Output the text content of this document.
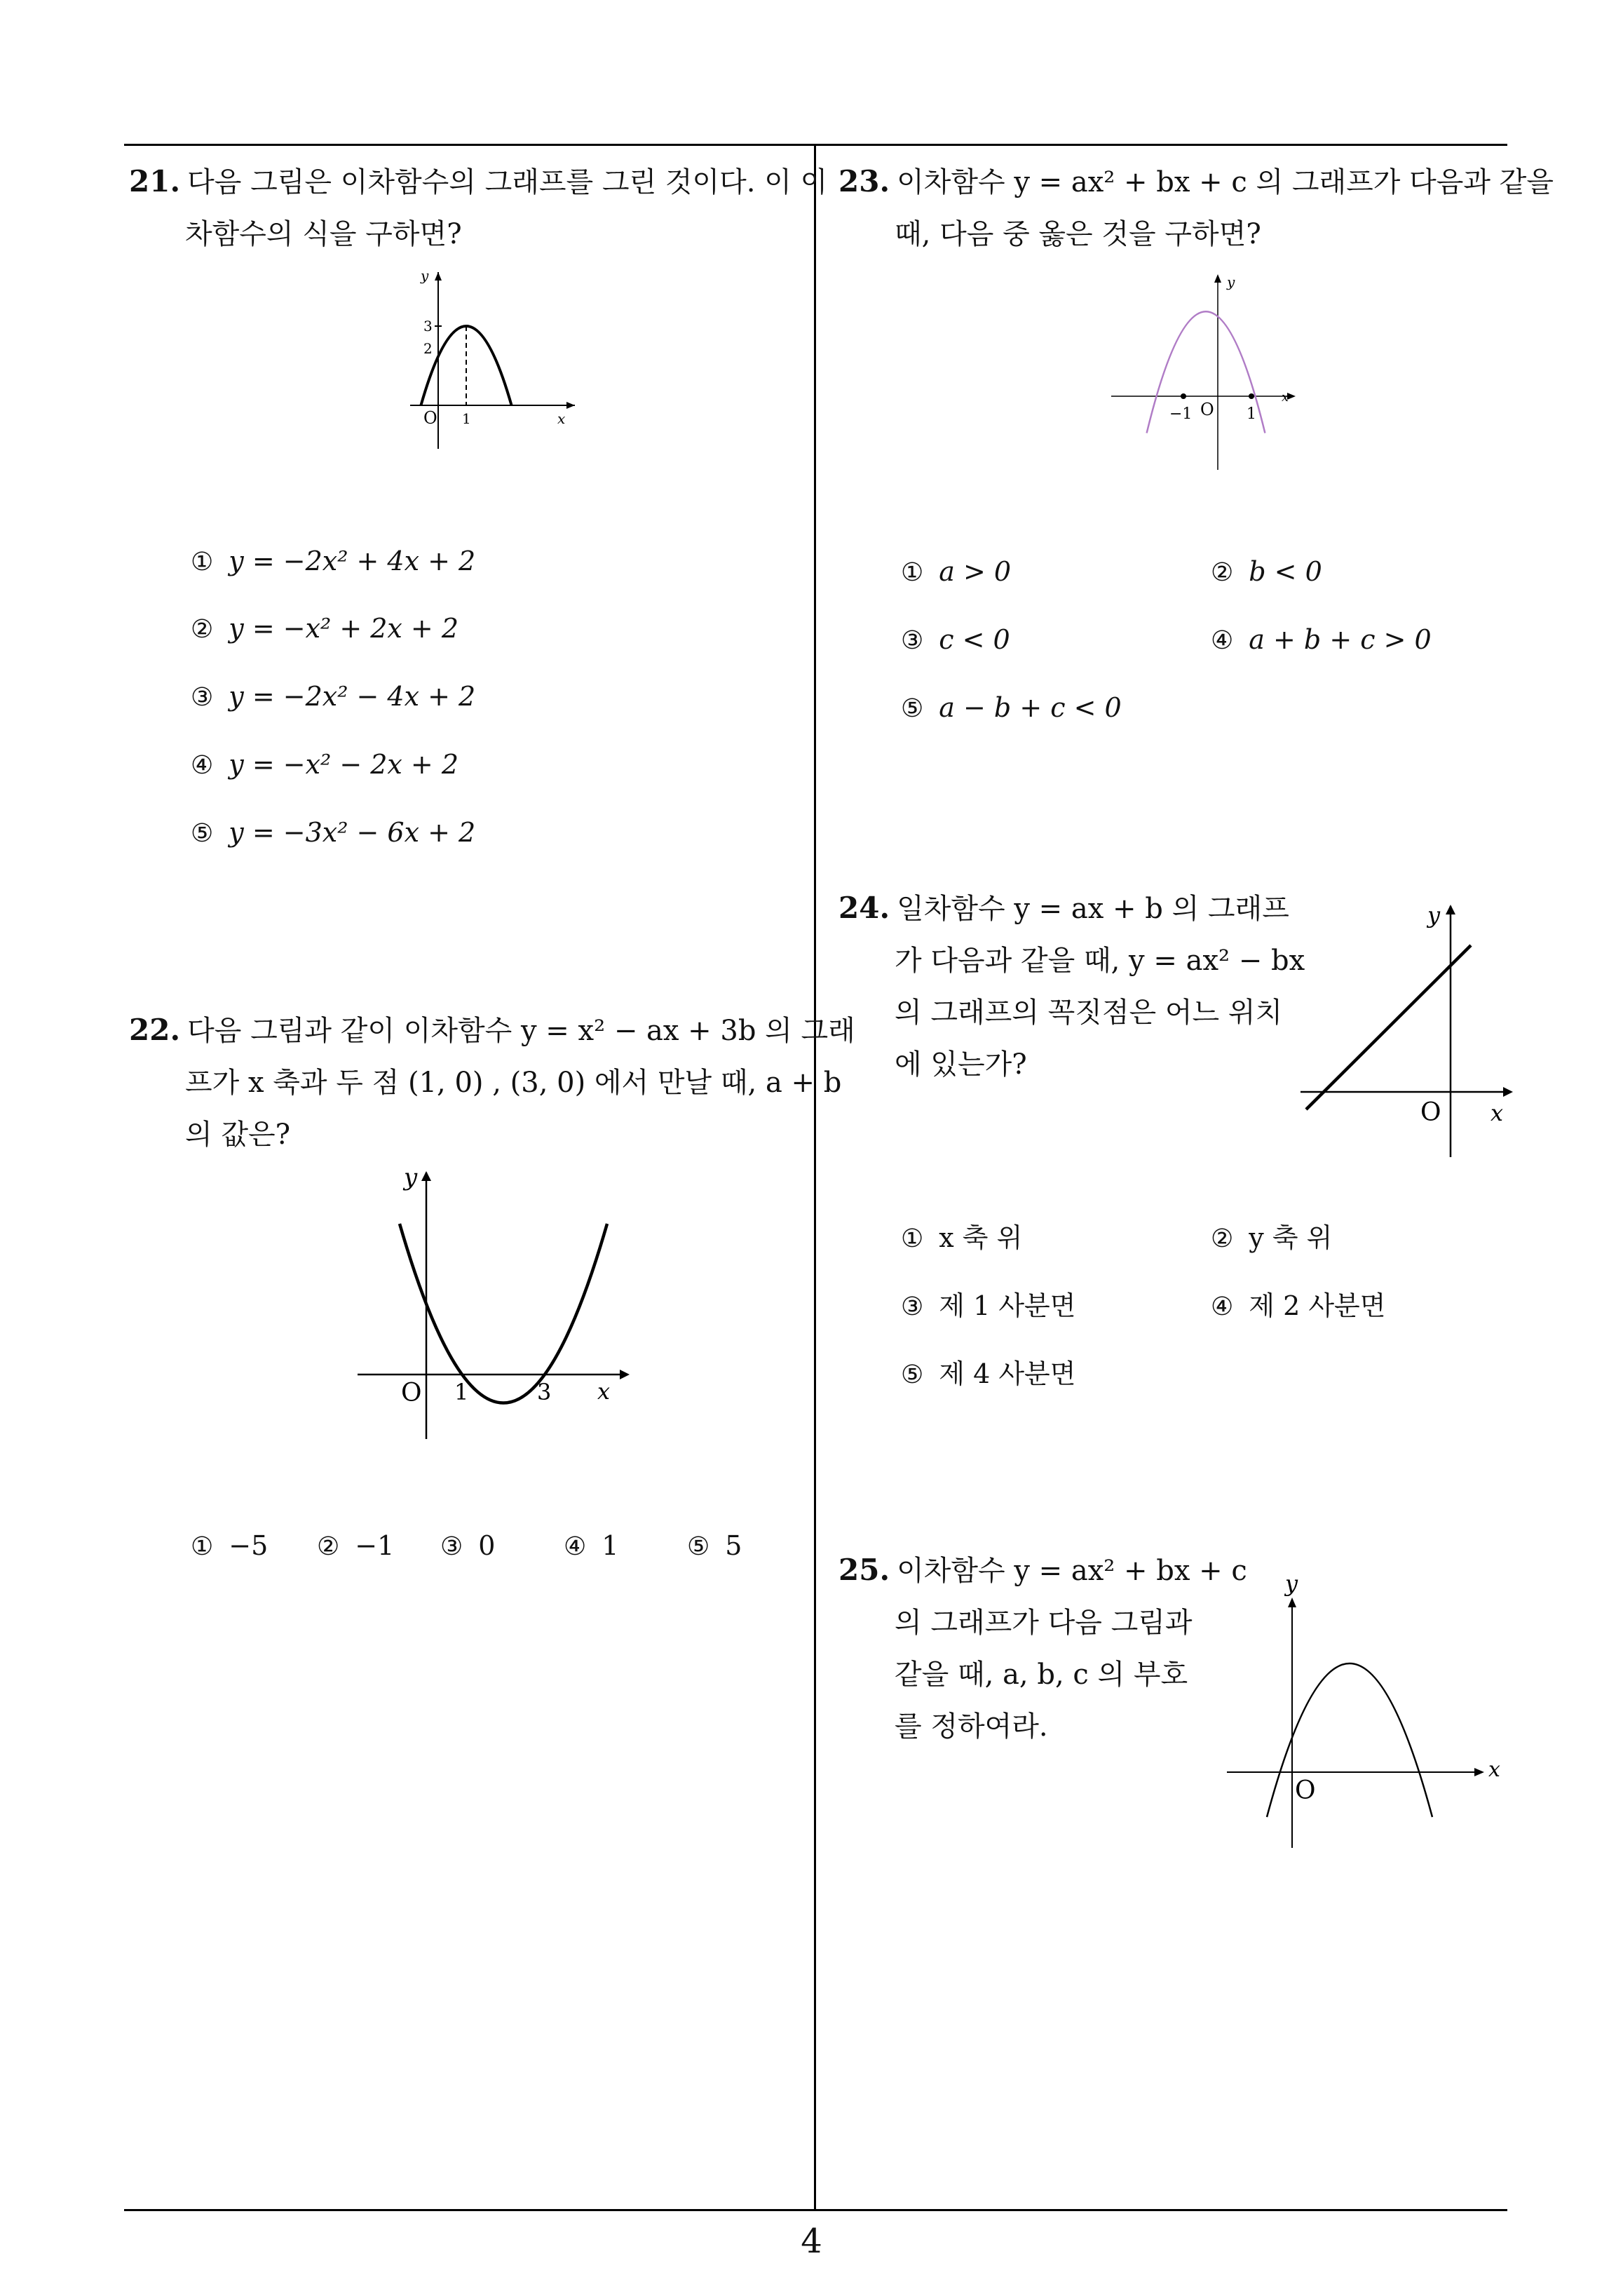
21. 다음 그림은 이차함수의 그래프를 그린 것이다. 이 이
차함수의 식을 구하면?
y
x
O 1
3
2
① y = −2x² + 4x + 2
② y = −x² + 2x + 2
③ y = −2x² − 4x + 2
④ y = −x² − 2x + 2
⑤ y = −3x² − 6x + 2
22. 다음 그림과 같이 이차함수 y = x² − ax + 3b 의 그래
프가 x 축과 두 점 (1, 0) , (3, 0) 에서 만날 때, a + b
의 값은?
y
x
O 1	3
① −5 ② −1 ③ 0	④ 1	⑤ 5
23. 이차함수 y = ax² + bx + c 의 그래프가 다음과 같을
때, 다음 중 옳은 것을 구하면?
y
x
O
−1	1
① a > 0	② b < 0
③ c < 0	④ a + b + c > 0
⑤ a − b + c < 0
24. 일차함수 y = ax + b 의 그래프
가 다음과 같을 때, y = ax² − bx
의 그래프의 꼭짓점은 어느 위치
에 있는가?
y
x
O
① x 축 위	② y 축 위
③ 제 1 사분면	④ 제 2 사분면
⑤ 제 4 사분면
25. 이차함수 y = ax² + bx + c
의 그래프가 다음 그림과
같을 때, a, b, c 의 부호
를 정하여라.
y
x
O
4
